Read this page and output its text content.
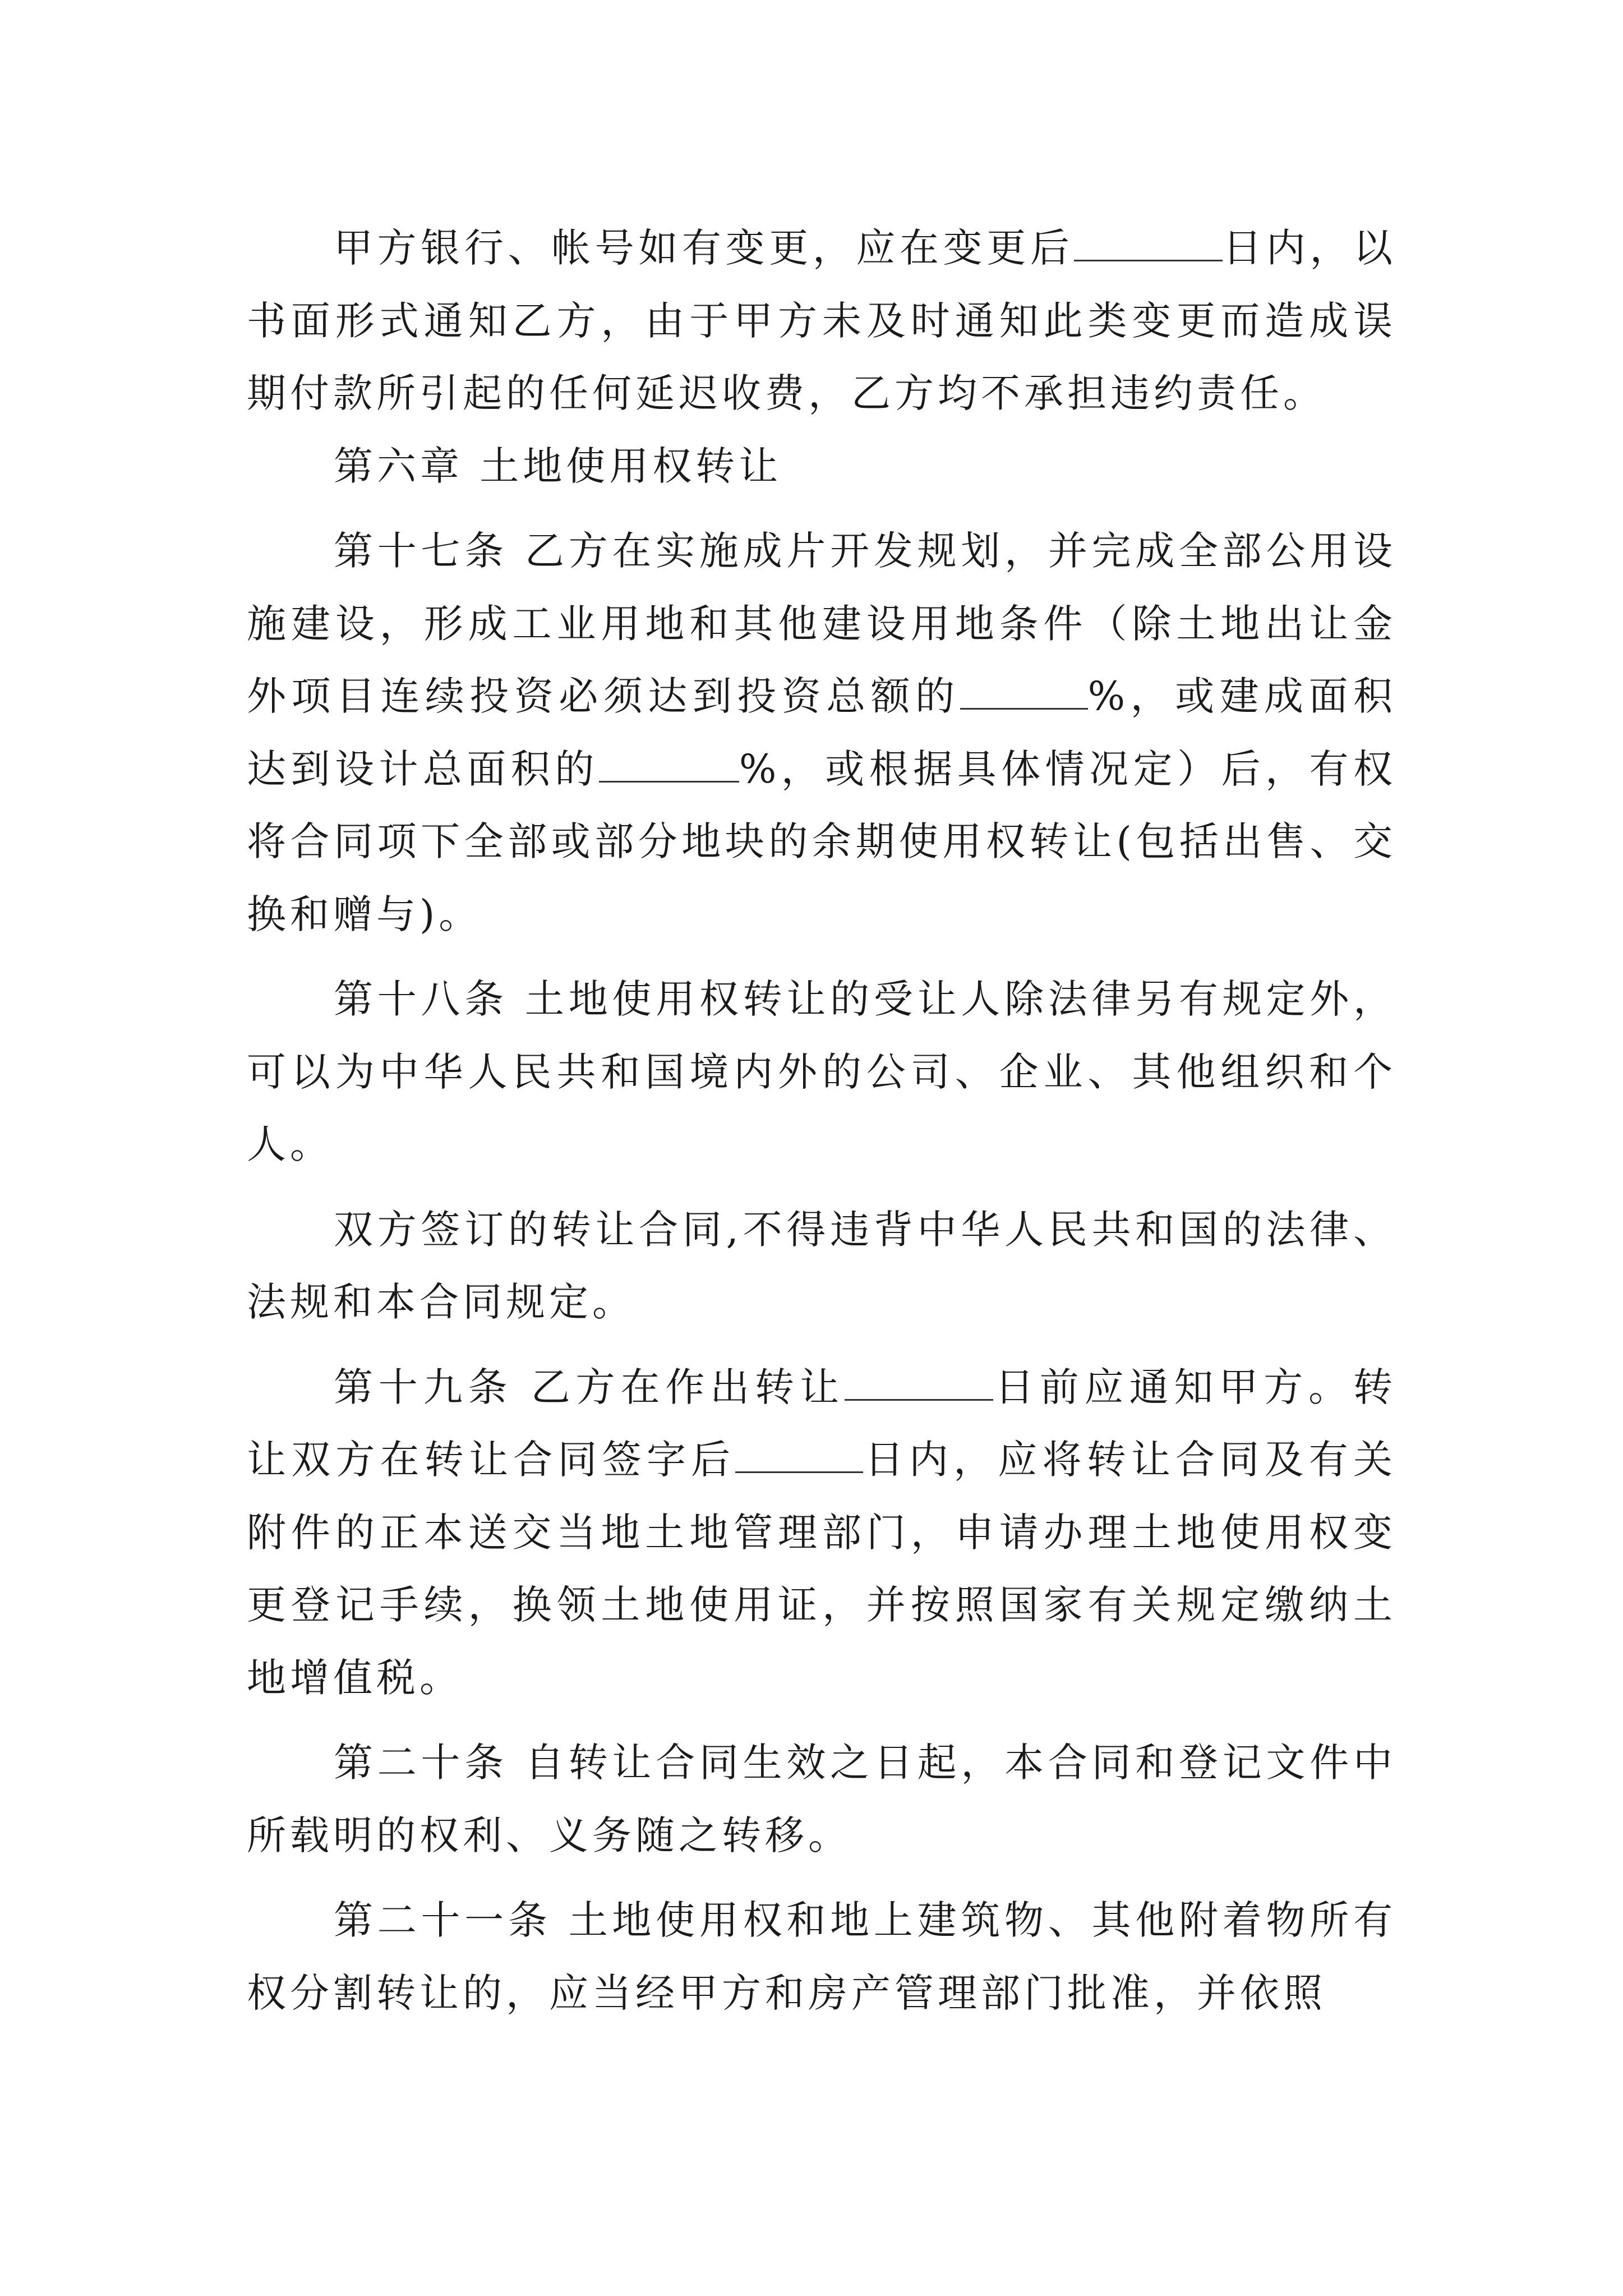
甲方银行、帐号如有变更，应在变更后	日内，以书面形式通知乙方，由于甲方未及时通知此类变更而造成误期付款所引起的任何延迟收费，乙方均不承担违约责任。

第六章 土地使用权转让

第十七条 乙方在实施成片开发规划，并完成全部公用设施建设，形成工业用地和其他建设用地条件（除土地出让金外项目连续投资必须达到投资总额的	%，或建成面积达到设计总面积的	%，或根据具体情况定）后，有权将合同项下全部或部分地块的余期使用权转让(包括出售、交换和赠与)。

第十八条 土地使用权转让的受让人除法律另有规定外，可以为中华人民共和国境内外的公司、企业、其他组织和个人。

双方签订的转让合同,不得违背中华人民共和国的法律、法规和本合同规定。

第十九条 乙方在作出转让	日前应通知甲方。转让双方在转让合同签字后	日内，应将转让合同及有关附件的正本送交当地土地管理部门，申请办理土地使用权变更登记手续，换领土地使用证，并按照国家有关规定缴纳土地增值税。

第二十条 自转让合同生效之日起，本合同和登记文件中所载明的权利、义务随之转移。

第二十一条 土地使用权和地上建筑物、其他附着物所有权分割转让的，应当经甲方和房产管理部门批准，并依照
